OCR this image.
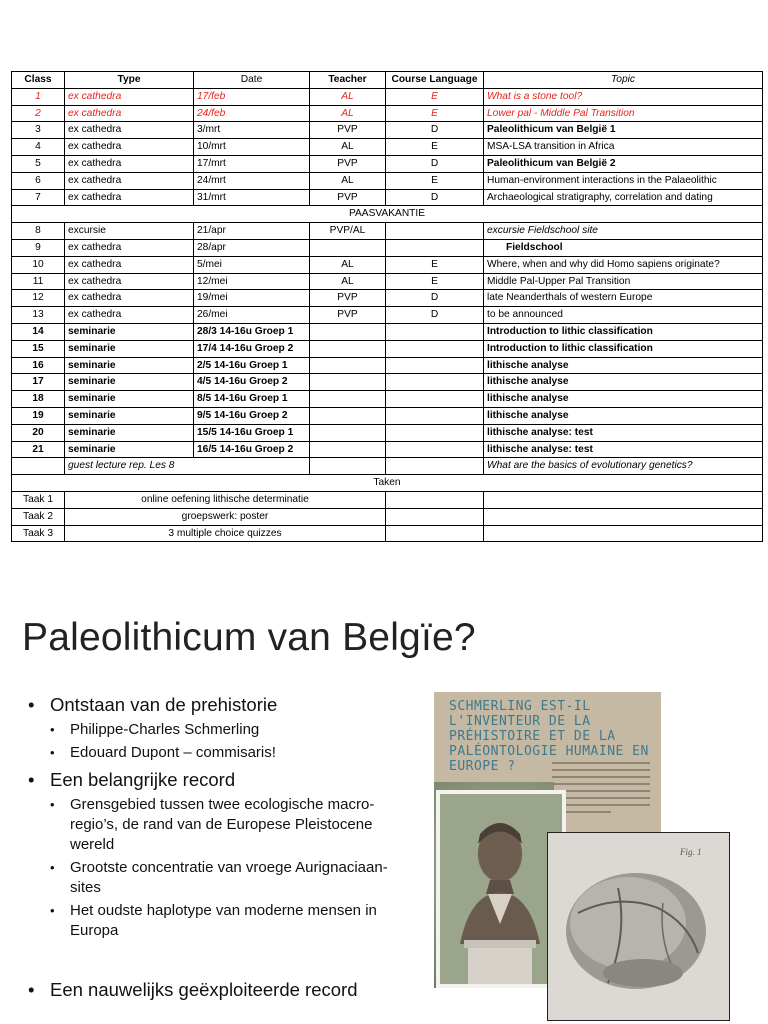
Class	Type	Date	Teacher	Course Language	Topic
1	ex cathedra	17/feb	AL	E	What is a stone tool?
2	ex cathedra	24/feb	AL	E	Lower pal - Middle Pal Transition
3	ex cathedra	3/mrt	PVP	D	Paleolithicum van België 1
4	ex cathedra	10/mrt	AL	E	MSA-LSA transition in Africa
5	ex cathedra	17/mrt	PVP	D	Paleolithicum van België 2
6	ex cathedra	24/mrt	AL	E	Human-environment interactions in the Palaeolithic
7	ex cathedra	31/mrt	PVP	D	Archaeological stratigraphy, correlation and dating
PAASVAKANTIE					
8	excursie	21/apr	PVP/AL		excursie Fieldschool site
9	ex cathedra	28/apr			Fieldschool
10	ex cathedra	5/mei	AL	E	Where, when and why did Homo sapiens originate?
11	ex cathedra	12/mei	AL	E	Middle Pal-Upper Pal Transition
12	ex cathedra	19/mei	PVP	D	late Neanderthals of western Europe
13	ex cathedra	26/mei	PVP	D	to be announced
14	seminarie	28/3 14-16u Groep 1			Introduction to lithic classification
15	seminarie	17/4 14-16u Groep 2			Introduction to lithic classification
16	seminarie	2/5 14-16u Groep 1			lithische analyse
17	seminarie	4/5 14-16u Groep 2			lithische analyse
18	seminarie	8/5 14-16u Groep 1			lithische analyse
19	seminarie	9/5 14-16u Groep 2			lithische analyse
20	seminarie	15/5 14-16u Groep 1			lithische analyse: test
21	seminarie	16/5 14-16u Groep 2			lithische analyse: test
	guest lecture rep. Les 8				What are the basics of evolutionary genetics?
Taken					
Taak 1	online oefening lithische determinatie				
Taak 2	groepswerk: poster				
Taak 3	3 multiple choice quizzes				
Paleolithicum van Belgïe?
• Ontstaan van de prehistorie
• Philippe-Charles Schmerling
• Edouard Dupont – commisaris!
• Een belangrijke record
• Grensgebied tussen twee ecologische macro-regio’s, de rand van de Europese Pleistocene wereld
• Grootste concentratie van vroege Aurignaciaan-sites
• Het oudste haplotype van moderne mensen in Europa
• Een nauwelijks geëxploiteerde record
SCHMERLING EST-IL L'INVENTEUR DE LA PRÉHISTOIRE ET DE LA PALÉONTOLOGIE HUMAINE EN EUROPE ?
Fig. 1
